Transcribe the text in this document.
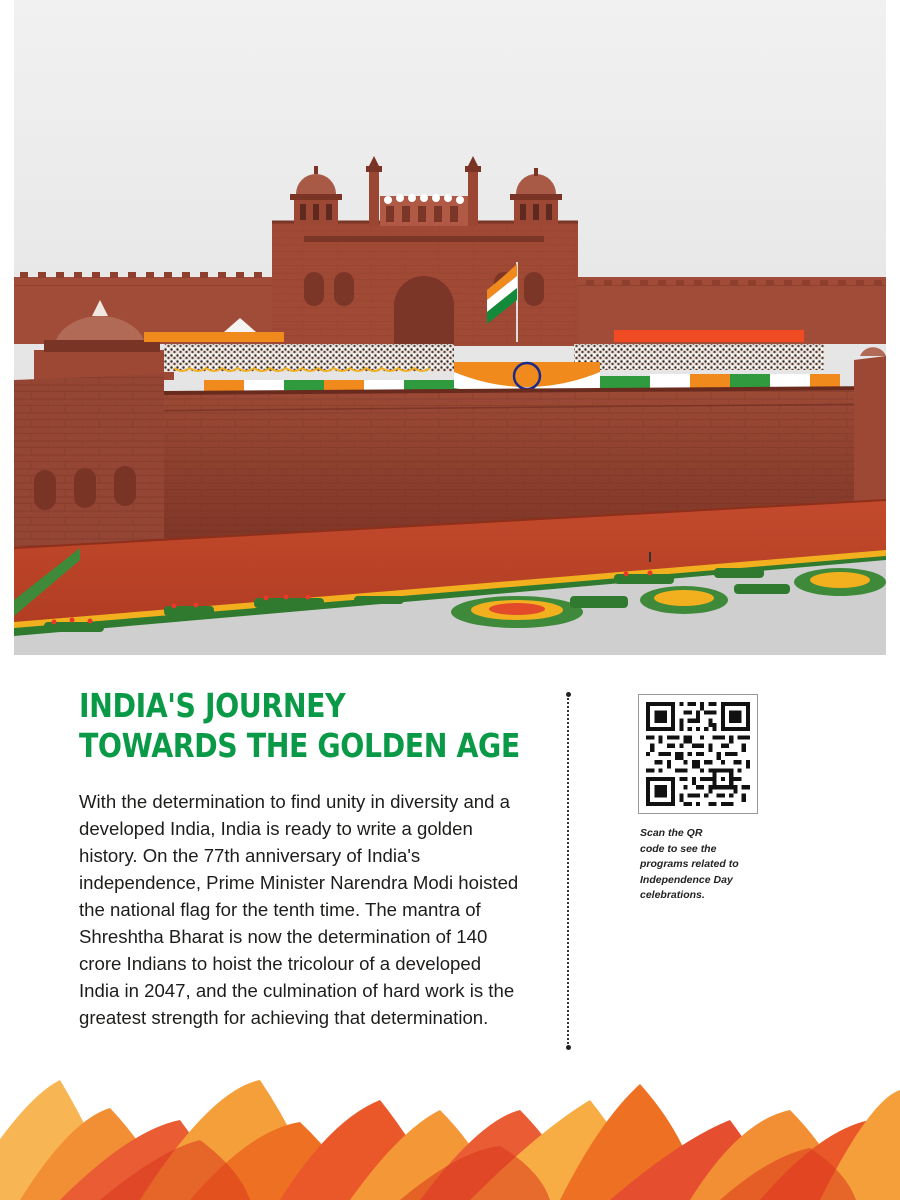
INDIA'S JOURNEY
TOWARDS THE GOLDEN AGE

With the determination to find unity in diversity and a developed India, India is ready to write a golden history. On the 77th anniversary of India's independence, Prime Minister Narendra Modi hoisted the national flag for the tenth time. The mantra of Shreshtha Bharat is now the determination of 140 crore Indians to hoist the tricolour of a developed India in 2047, and the culmination of hard work is the greatest strength for achieving that determination.

Scan the QR
code to see the
programs related to
Independence Day
celebrations.
